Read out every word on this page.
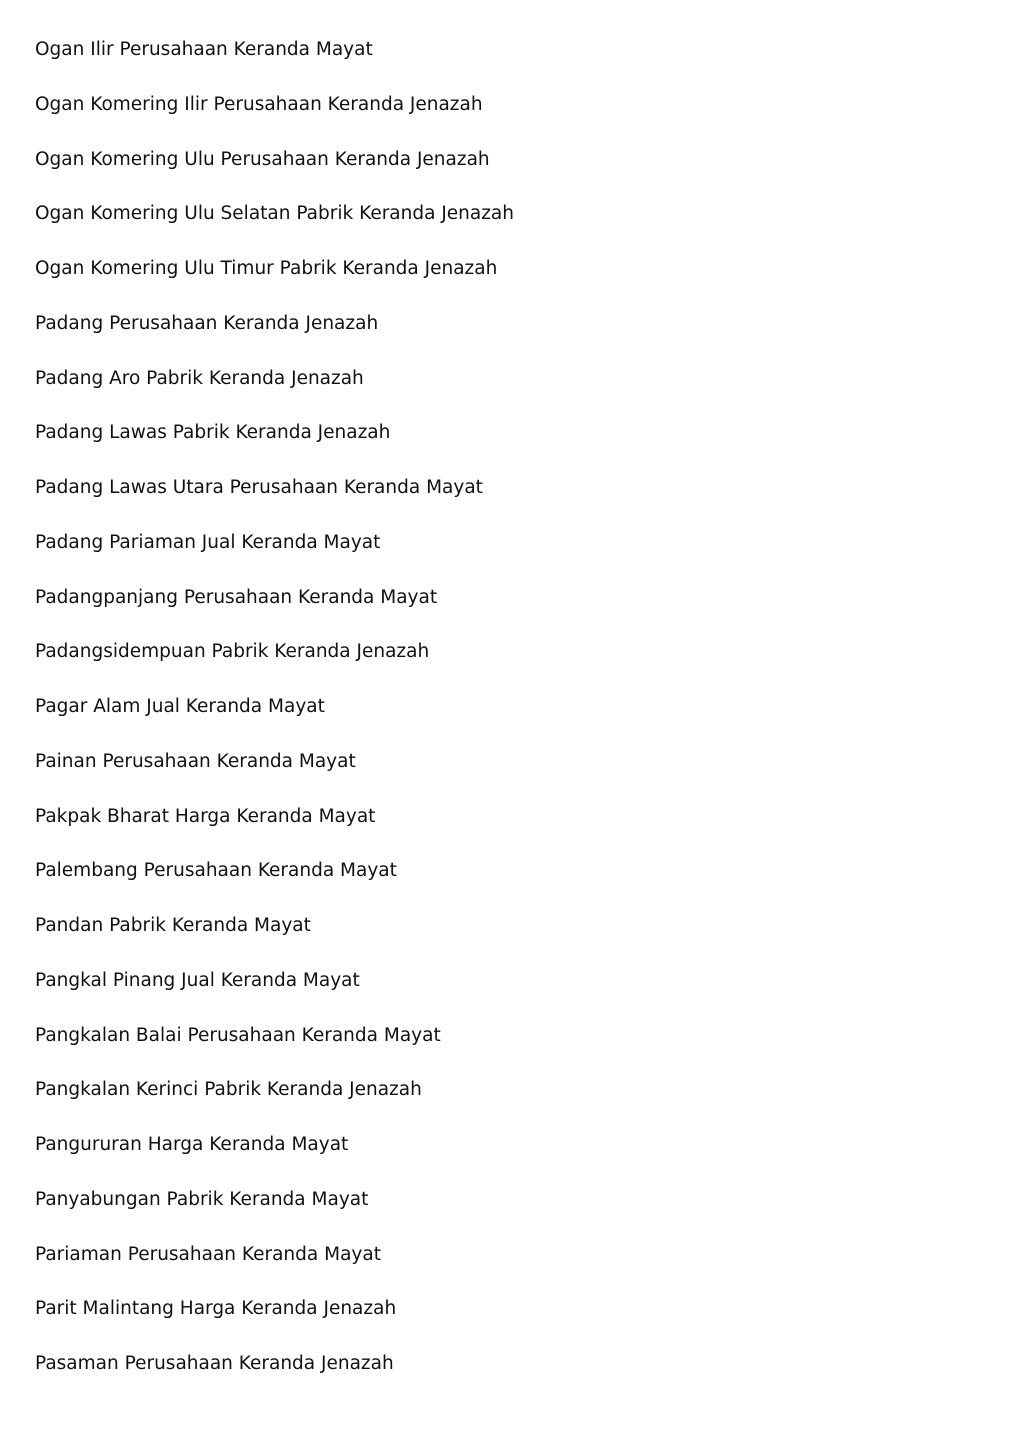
Ogan Ilir Perusahaan Keranda Mayat
Ogan Komering Ilir Perusahaan Keranda Jenazah
Ogan Komering Ulu Perusahaan Keranda Jenazah
Ogan Komering Ulu Selatan Pabrik Keranda Jenazah
Ogan Komering Ulu Timur Pabrik Keranda Jenazah
Padang Perusahaan Keranda Jenazah
Padang Aro Pabrik Keranda Jenazah
Padang Lawas Pabrik Keranda Jenazah
Padang Lawas Utara Perusahaan Keranda Mayat
Padang Pariaman Jual Keranda Mayat
Padangpanjang Perusahaan Keranda Mayat
Padangsidempuan Pabrik Keranda Jenazah
Pagar Alam Jual Keranda Mayat
Painan Perusahaan Keranda Mayat
Pakpak Bharat Harga Keranda Mayat
Palembang Perusahaan Keranda Mayat
Pandan Pabrik Keranda Mayat
Pangkal Pinang Jual Keranda Mayat
Pangkalan Balai Perusahaan Keranda Mayat
Pangkalan Kerinci Pabrik Keranda Jenazah
Pangururan Harga Keranda Mayat
Panyabungan Pabrik Keranda Mayat
Pariaman Perusahaan Keranda Mayat
Parit Malintang Harga Keranda Jenazah
Pasaman Perusahaan Keranda Jenazah
